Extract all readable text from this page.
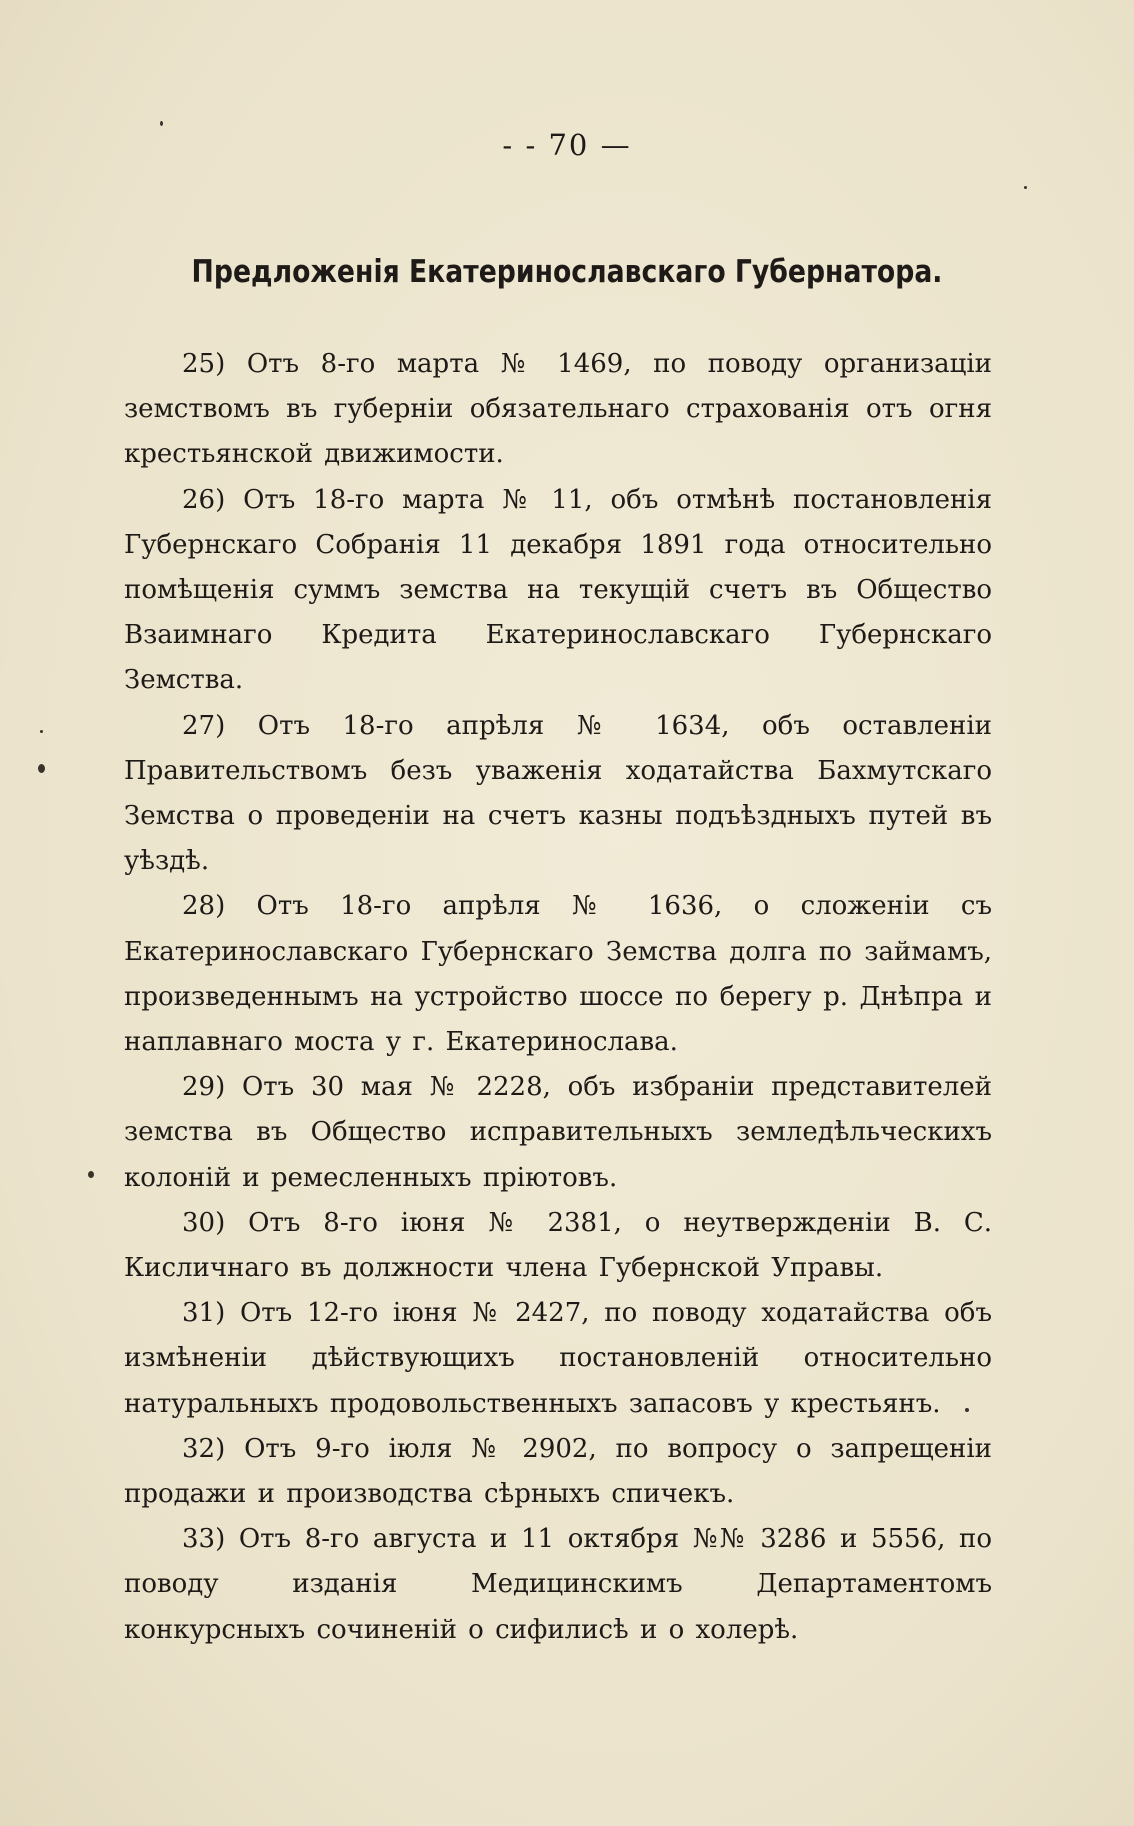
- - 70 —
Предложенія Екатеринославскаго Губернатора.

25) Отъ 8-го марта № 1469, по поводу организаціи земствомъ въ губерніи обязательнаго страхованія отъ огня крестьянской движимости.

26) Отъ 18-го марта № 11, объ отмѣнѣ постановленія Губернскаго Собранія 11 декабря 1891 года относительно помѣщенія суммъ земства на текущій счетъ въ Общество Взаимнаго Кредита Екатеринославскаго Губернскаго Земства.

27) Отъ 18-го апрѣля № 1634, объ оставленіи Правительствомъ безъ уваженія ходатайства Бахмутскаго Земства о проведеніи на счетъ казны подъѣздныхъ путей въ уѣздѣ.

28) Отъ 18-го апрѣля № 1636, о сложеніи съ Екатеринославскаго Губернскаго Земства долга по займамъ, произведеннымъ на устройство шоссе по берегу р. Днѣпра и наплавнаго моста у г. Екатеринослава.

29) Отъ 30 мая № 2228, объ избраніи представителей земства въ Общество исправительныхъ земледѣльческихъ колоній и ремесленныхъ пріютовъ.

30) Отъ 8-го іюня № 2381, о неутвержденіи В. С. Кисличнаго въ должности члена Губернской Управы.

31) Отъ 12-го іюня № 2427, по поводу ходатайства объ измѣненіи дѣйствующихъ постановленій относительно натуральныхъ продовольственныхъ запасовъ у крестьянъ.

32) Отъ 9-го іюля № 2902, по вопросу о запрещеніи продажи и производства сѣрныхъ спичекъ.

33) Отъ 8-го августа и 11 октября №№ 3286 и 5556, по поводу изданія Медицинскимъ Департаментомъ конкурсныхъ сочиненій о сифилисѣ и о холерѣ.
